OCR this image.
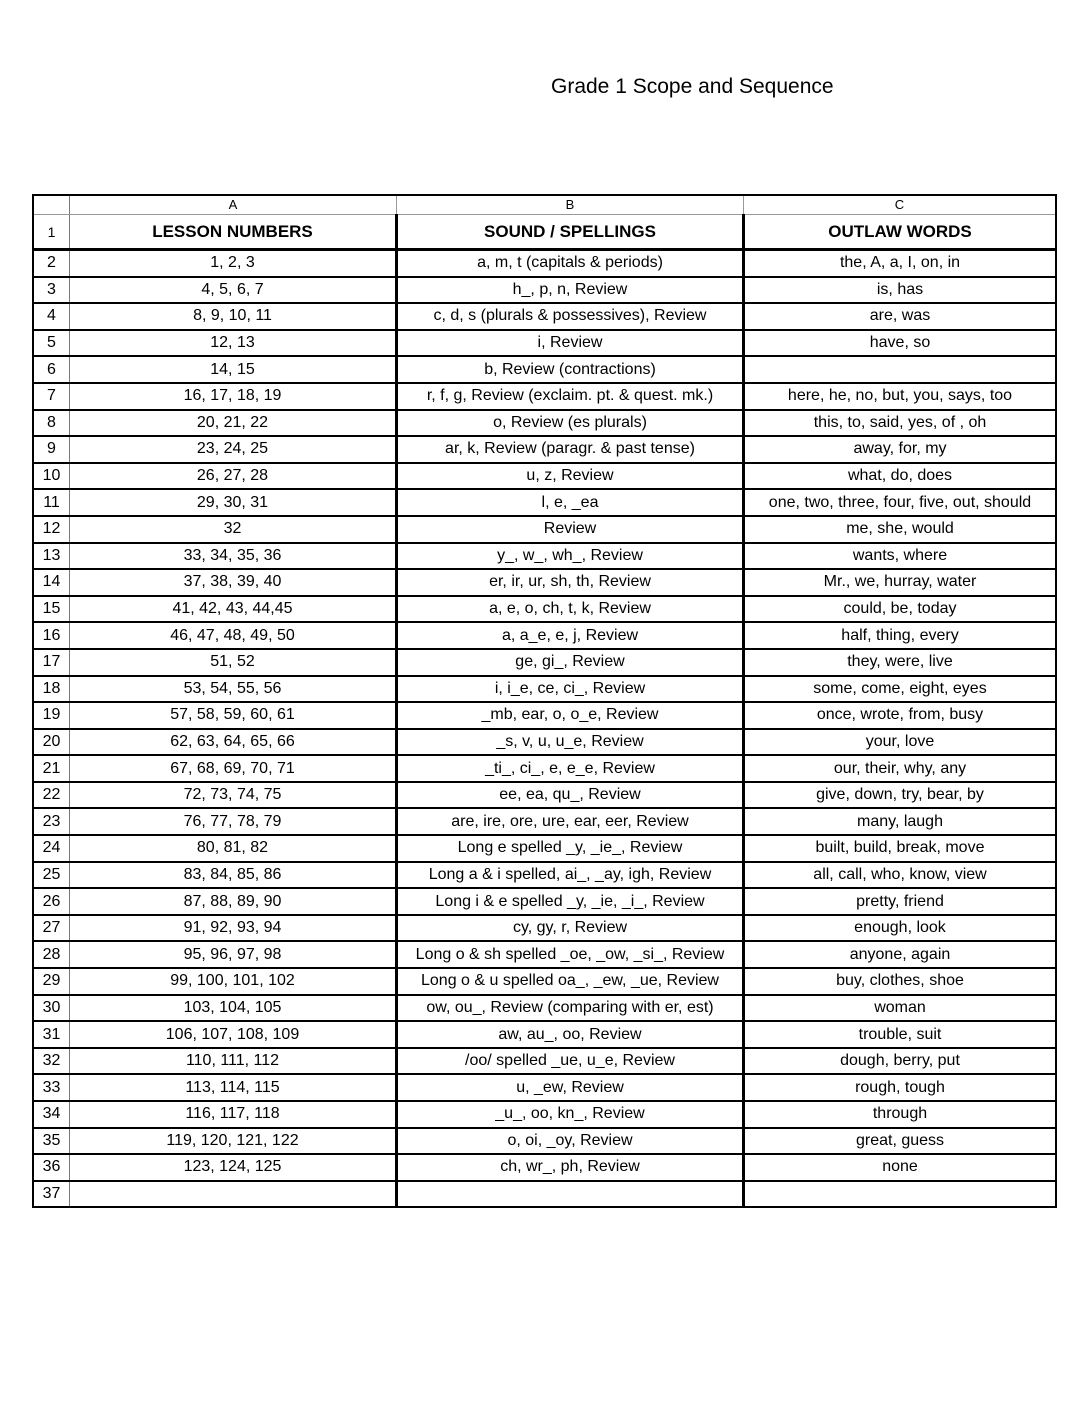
Grade 1 Scope and Sequence
	A	B	C
1	LESSON NUMBERS	SOUND / SPELLINGS	OUTLAW WORDS
2	1, 2, 3	a, m, t (capitals & periods)	the, A, a, I, on, in
3	4, 5, 6, 7	h_, p, n, Review	is, has
4	8, 9, 10, 11	c, d, s (plurals & possessives), Review	are, was
5	12, 13	i, Review	have, so
6	14, 15	b, Review (contractions)	
7	16, 17, 18, 19	r, f, g, Review (exclaim. pt. & quest. mk.)	here, he, no, but, you, says, too
8	20, 21, 22	o, Review (es plurals)	this, to, said, yes, of , oh
9	23, 24, 25	ar, k, Review (paragr. & past tense)	away, for, my
10	26, 27, 28	u, z, Review	what, do, does
11	29, 30, 31	l, e, _ea	one, two, three, four, five, out, should
12	32	Review	me, she, would
13	33, 34, 35, 36	y_, w_, wh_, Review	wants, where
14	37, 38, 39, 40	er, ir, ur, sh, th, Review	Mr., we, hurray, water
15	41, 42, 43, 44,45	a, e, o, ch, t, k, Review	could, be, today
16	46, 47, 48, 49, 50	a, a_e, e, j, Review	half, thing, every
17	51, 52	ge, gi_, Review	they, were, live
18	53, 54, 55, 56	i, i_e, ce, ci_, Review	some, come, eight, eyes
19	57, 58, 59, 60, 61	_mb, ear, o, o_e, Review	once, wrote, from, busy
20	62, 63, 64, 65, 66	_s, v, u, u_e, Review	your, love
21	67, 68, 69, 70, 71	_ti_, ci_, e, e_e, Review	our, their, why, any
22	72, 73, 74, 75	ee, ea, qu_, Review	give, down, try, bear, by
23	76, 77, 78, 79	are, ire, ore, ure, ear, eer, Review	many, laugh
24	80, 81, 82	Long e spelled _y, _ie_, Review	built, build, break, move
25	83, 84, 85, 86	Long a & i spelled, ai_, _ay, igh, Review	all, call, who, know, view
26	87, 88, 89, 90	Long i & e spelled _y, _ie, _i_, Review	pretty, friend
27	91, 92, 93, 94	cy, gy, r, Review	enough, look
28	95, 96, 97, 98	Long o & sh spelled _oe, _ow, _si_, Review	anyone, again
29	99, 100, 101, 102	Long o & u spelled oa_, _ew, _ue, Review	buy, clothes, shoe
30	103, 104, 105	ow, ou_, Review (comparing with er, est)	woman
31	106, 107, 108, 109	aw, au_, oo, Review	trouble, suit
32	110, 111, 112	/oo/ spelled _ue, u_e, Review	dough, berry, put
33	113, 114, 115	u, _ew, Review	rough, tough
34	116, 117, 118	_u_, oo, kn_, Review	through
35	119, 120, 121, 122	o, oi, _oy, Review	great, guess
36	123, 124, 125	ch, wr_, ph, Review	none
37			
